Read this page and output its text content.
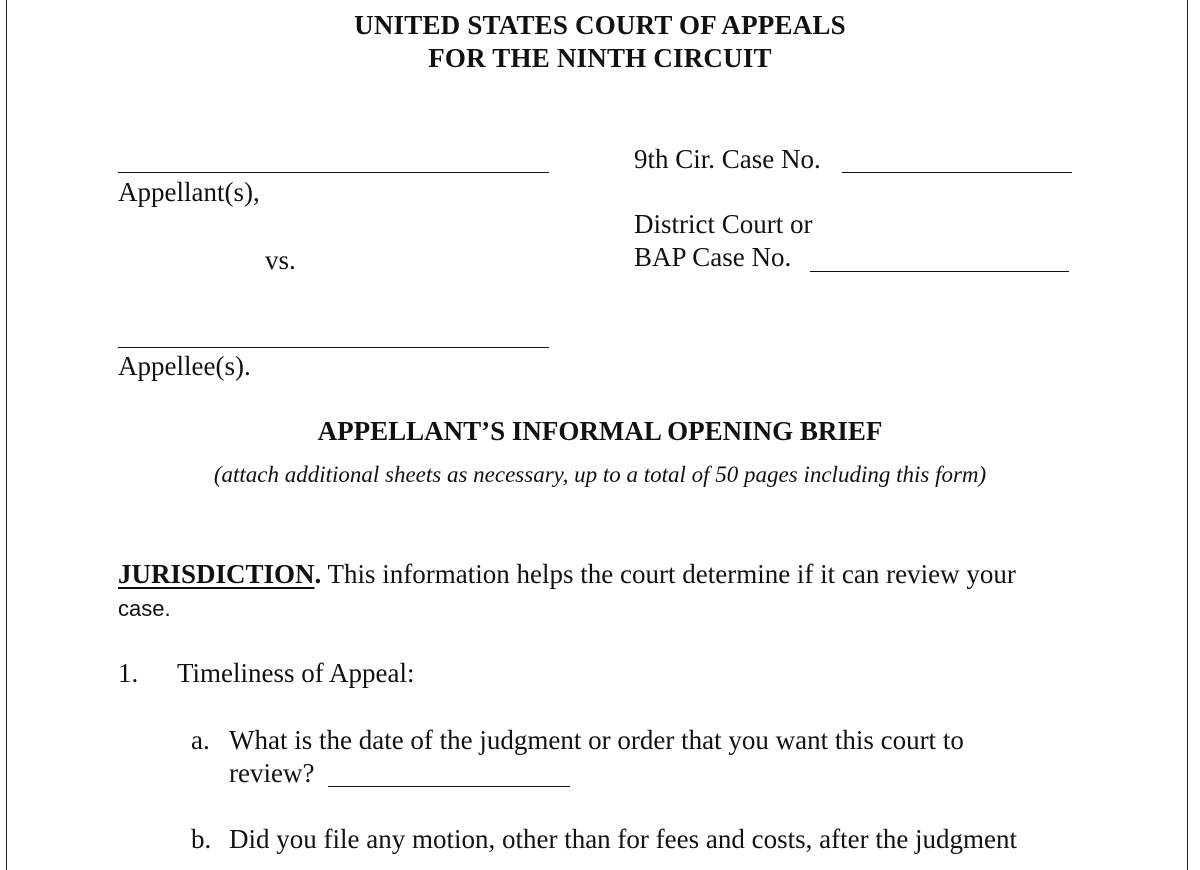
UNITED STATES COURT OF APPEALS
FOR THE NINTH CIRCUIT
Appellant(s),
vs.
Appellee(s).
9th Cir. Case No.
District Court or
BAP Case No.
APPELLANT’S INFORMAL OPENING BRIEF
(attach additional sheets as necessary, up to a total of 50 pages including this form)
JURISDICTION. This information helps the court determine if it can review your
case.
1. Timeliness of Appeal:
a. What is the date of the judgment or order that you want this court to
review?
b. Did you file any motion, other than for fees and costs, after the judgment
